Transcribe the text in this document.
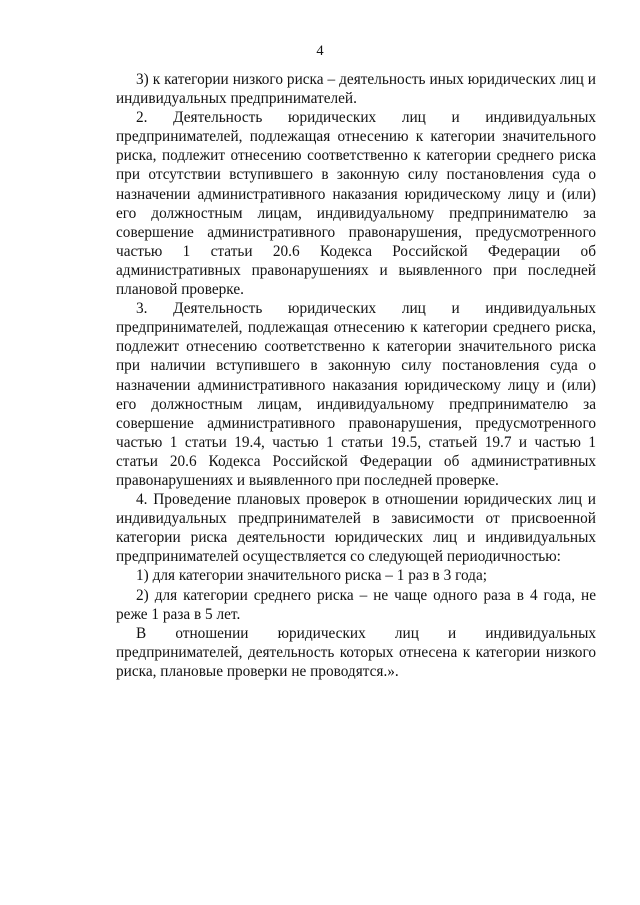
4

3) к категории низкого риска – деятельность иных юридических лиц и индивидуальных предпринимателей.

2. Деятельность юридических лиц и индивидуальных предпринимателей, подлежащая отнесению к категории значительного риска, подлежит отнесению соответственно к категории среднего риска при отсутствии вступившего в законную силу постановления суда о назначении административного наказания юридическому лицу и (или) его должностным лицам, индивидуальному предпринимателю за совершение административного правонарушения, предусмотренного частью 1 статьи 20.6 Кодекса Российской Федерации об административных правонарушениях и выявленного при последней плановой проверке.

3. Деятельность юридических лиц и индивидуальных предпринимателей, подлежащая отнесению к категории среднего риска, подлежит отнесению соответственно к категории значительного риска при наличии вступившего в законную силу постановления суда о назначении административного наказания юридическому лицу и (или) его должностным лицам, индивидуальному предпринимателю за совершение административного правонарушения, предусмотренного частью 1 статьи 19.4, частью 1 статьи 19.5, статьей 19.7 и частью 1 статьи 20.6 Кодекса Российской Федерации об административных правонарушениях и выявленного при последней проверке.

4. Проведение плановых проверок в отношении юридических лиц и индивидуальных предпринимателей в зависимости от присвоенной категории риска деятельности юридических лиц и индивидуальных предпринимателей осуществляется со следующей периодичностью:

1) для категории значительного риска – 1 раз в 3 года;

2) для категории среднего риска – не чаще одного раза в 4 года, не реже 1 раза в 5 лет.

В отношении юридических лиц и индивидуальных предпринимателей, деятельность которых отнесена к категории низкого риска, плановые проверки не проводятся.».
